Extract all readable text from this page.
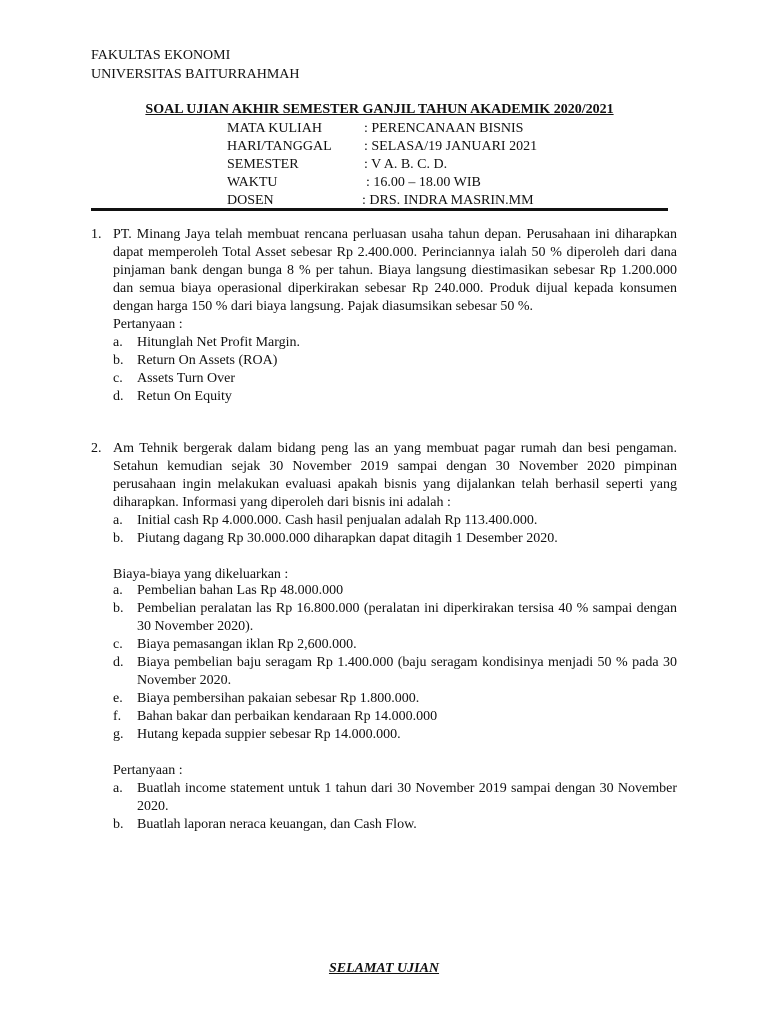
FAKULTAS EKONOMI
UNIVERSITAS BAITURRAHMAH
SOAL UJIAN AKHIR SEMESTER GANJIL TAHUN AKADEMIK 2020/2021
MATA KULIAH	: PERENCANAAN BISNIS
HARI/TANGGAL : SELASA/19 JANUARI 2021
SEMESTER	: V A. B. C. D.
WAKTU	: 16.00 – 18.00 WIB
DOSEN	: DRS. INDRA MASRIN.MM
1. PT. Minang Jaya telah membuat rencana perluasan usaha tahun depan. Perusahaan ini diharapkan dapat memperoleh Total Asset sebesar Rp 2.400.000. Perinciannya ialah 50 % diperoleh dari dana pinjaman bank dengan bunga 8 % per tahun. Biaya langsung diestimasikan sebesar Rp 1.200.000 dan semua biaya operasional diperkirakan sebesar Rp 240.000. Produk dijual kepada konsumen dengan harga 150 % dari biaya langsung. Pajak diasumsikan sebesar 50 %.
Pertanyaan :
a. Hitunglah Net Profit Margin.
b. Return On Assets (ROA)
c. Assets Turn Over
d. Retun On Equity
2. Am Tehnik bergerak dalam bidang peng las an yang membuat pagar rumah dan besi pengaman. Setahun kemudian sejak 30 November 2019 sampai dengan 30 November 2020 pimpinan perusahaan ingin melakukan evaluasi apakah bisnis yang dijalankan telah berhasil seperti yang diharapkan. Informasi yang diperoleh dari bisnis ini adalah :
a. Initial cash Rp 4.000.000. Cash hasil penjualan adalah Rp 113.400.000.
b. Piutang dagang Rp 30.000.000 diharapkan dapat ditagih 1 Desember 2020.
Biaya-biaya yang dikeluarkan :
a. Pembelian bahan Las Rp 48.000.000
b. Pembelian peralatan las Rp 16.800.000 (peralatan ini diperkirakan tersisa 40 % sampai dengan 30 November 2020).
c. Biaya pemasangan iklan Rp 2,600.000.
d. Biaya pembelian baju seragam Rp 1.400.000 (baju seragam kondisinya menjadi 50 % pada 30 November 2020.
e. Biaya pembersihan pakaian sebesar Rp 1.800.000.
f. Bahan bakar dan perbaikan kendaraan Rp 14.000.000
g. Hutang kepada suppier sebesar Rp 14.000.000.
Pertanyaan :
a. Buatlah income statement untuk 1 tahun dari 30 November 2019 sampai dengan 30 November 2020.
b. Buatlah laporan neraca keuangan, dan Cash Flow.
SELAMAT UJIAN
